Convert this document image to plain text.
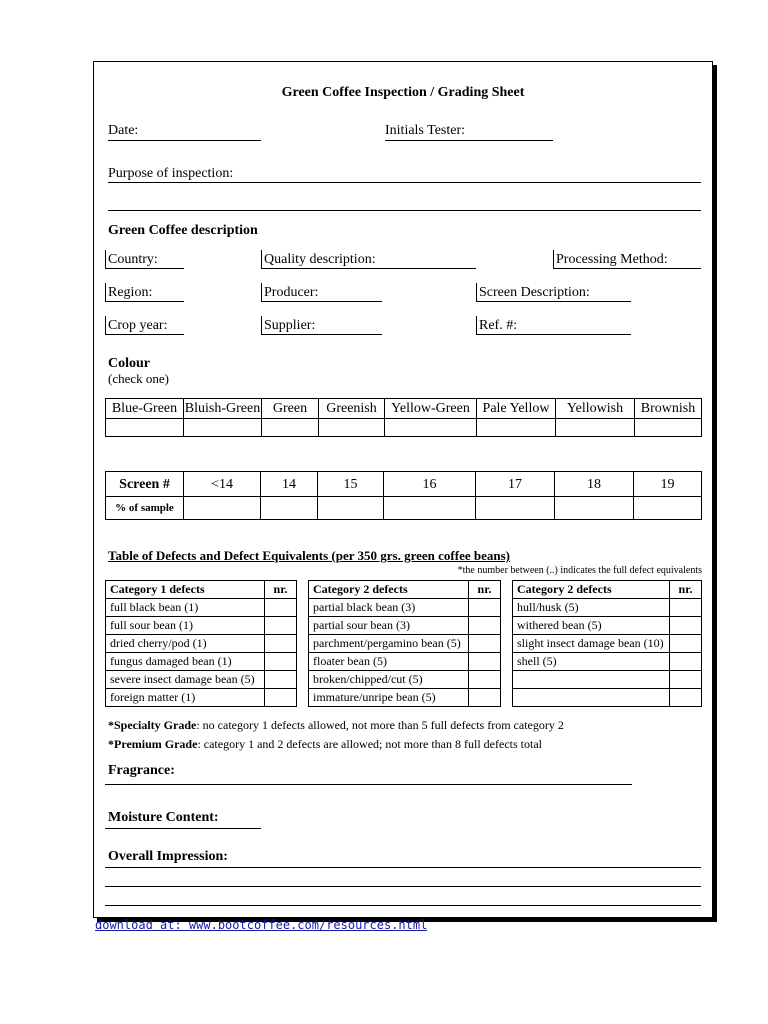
Green Coffee Inspection / Grading Sheet
Date:	Initials Tester:
Purpose of inspection:
Green Coffee description
Country:	Quality description:	Processing Method:
Region:	Producer:	Screen Description:
Crop year:	Supplier:	Ref. #:
Colour
(check one)
Blue-Green	Bluish-Green	Green	Greenish	Yellow-Green	Pale Yellow	Yellowish	Brownish

Screen #	<14	14	15	16	17	18	19
% of sample							
Table of Defects and Defect Equivalents (per 350 grs. green coffee beans)
*the number between (..) indicates the full defect equivalents
Category 1 defects	nr.
full black bean (1)	
full sour bean (1)	
dried cherry/pod (1)	
fungus damaged bean (1)	
severe insect damage bean (5)	
foreign matter (1)	
Category 2 defects	nr.
partial black bean (3)	
partial sour bean (3)	
parchment/pergamino bean (5)	
floater bean (5)	
broken/chipped/cut (5)	
immature/unripe bean (5)	
Category 2 defects	nr.
hull/husk (5)	
withered bean (5)	
slight insect damage bean (10)	
shell (5)	

*Specialty Grade: no category 1 defects allowed, not more than 5 full defects from category 2
*Premium Grade: category 1 and 2 defects are allowed; not more than 8 full defects total
Fragrance:
Moisture Content:
Overall Impression:
download at: www.bootcoffee.com/resources.html
